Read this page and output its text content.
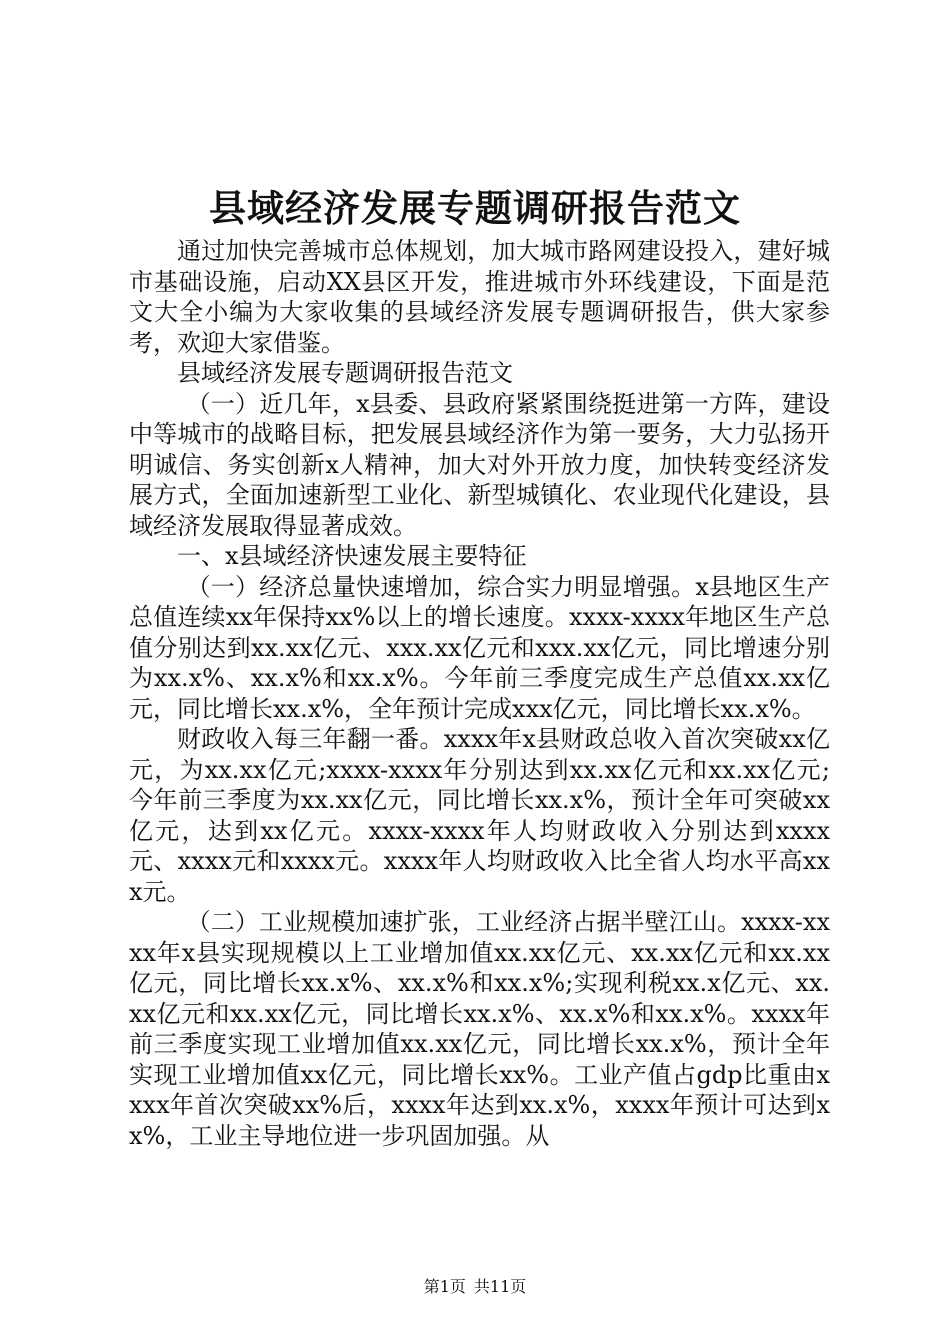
县域经济发展专题调研报告范文

通过加快完善城市总体规划，加大城市路网建设投入，建好城市基础设施，启动XX县区开发，推进城市外环线建设，下面是范文大全小编为大家收集的县域经济发展专题调研报告，供大家参考，欢迎大家借鉴。

县域经济发展专题调研报告范文

（一）近几年，x县委、县政府紧紧围绕挺进第一方阵，建设中等城市的战略目标，把发展县域经济作为第一要务，大力弘扬开明诚信、务实创新x人精神，加大对外开放力度，加快转变经济发展方式，全面加速新型工业化、新型城镇化、农业现代化建设，县域经济发展取得显著成效。

一、x县域经济快速发展主要特征

（一）经济总量快速增加，综合实力明显增强。x县地区生产总值连续xx年保持xx%以上的增长速度。xxxx-xxxx年地区生产总值分别达到xx.xx亿元、xxx.xx亿元和xxx.xx亿元，同比增速分别为xx.x%、xx.x%和xx.x%。今年前三季度完成生产总值xx.xx亿元，同比增长xx.x%，全年预计完成xxx亿元，同比增长xx.x%。

财政收入每三年翻一番。xxxx年x县财政总收入首次突破xx亿元，为xx.xx亿元;xxxx-xxxx年分别达到xx.xx亿元和xx.xx亿元;今年前三季度为xx.xx亿元，同比增长xx.x%，预计全年可突破xx亿元，达到xx亿元。xxxx-xxxx年人均财政收入分别达到xxxx元、xxxx元和xxxx元。xxxx年人均财政收入比全省人均水平高xxx元。

（二）工业规模加速扩张，工业经济占据半壁江山。xxxx-xxxx年x县实现规模以上工业增加值xx.xx亿元、xx.xx亿元和xx.xx亿元，同比增长xx.x%、xx.x%和xx.x%;实现利税xx.x亿元、xx.xx亿元和xx.xx亿元，同比增长xx.x%、xx.x%和xx.x%。xxxx年前三季度实现工业增加值xx.xx亿元，同比增长xx.x%，预计全年实现工业增加值xx亿元，同比增长xx%。工业产值占gdp比重由xxxx年首次突破xx%后，xxxx年达到xx.x%，xxxx年预计可达到xx%，工业主导地位进一步巩固加强。从

第1页 共11页
